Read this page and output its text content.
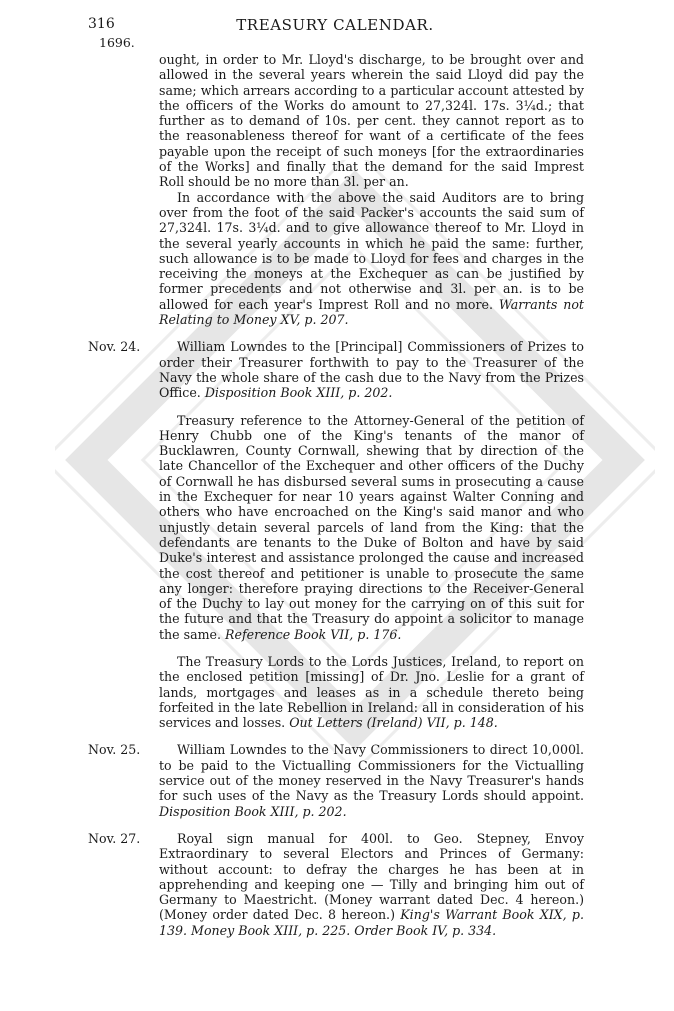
316	TREASURY CALENDAR.
1696.

ought, in order to Mr. Lloyd's discharge, to be brought over and allowed in the several years wherein the said Lloyd did pay the same; which arrears according to a particular account attested by the officers of the Works do amount to 27,324l. 17s. 3¼d.; that further as to demand of 10s. per cent. they cannot report as to the reasonableness thereof for want of a certificate of the fees payable upon the receipt of such moneys [for the extraordinaries of the Works] and finally that the demand for the said Imprest Roll should be no more than 3l. per an.

In accordance with the above the said Auditors are to bring over from the foot of the said Packer's accounts the said sum of 27,324l. 17s. 3¼d. and to give allowance thereof to Mr. Lloyd in the several yearly accounts in which he paid the same: further, such allowance is to be made to Lloyd for fees and charges in the receiving the moneys at the Exchequer as can be justified by former precedents and not otherwise and 3l. per an. is to be allowed for each year's Imprest Roll and no more. Warrants not Relating to Money XV, p. 207.

Nov. 24.	William Lowndes to the [Principal] Commissioners of Prizes to order their Treasurer forthwith to pay to the Treasurer of the Navy the whole share of the cash due to the Navy from the Prizes Office. Disposition Book XIII, p. 202.

Treasury reference to the Attorney-General of the petition of Henry Chubb one of the King's tenants of the manor of Bucklawren, County Cornwall, shewing that by direction of the late Chancellor of the Exchequer and other officers of the Duchy of Cornwall he has disbursed several sums in prosecuting a cause in the Exchequer for near 10 years against Walter Conning and others who have encroached on the King's said manor and who unjustly detain several parcels of land from the King: that the defendants are tenants to the Duke of Bolton and have by said Duke's interest and assistance prolonged the cause and increased the cost thereof and petitioner is unable to prosecute the same any longer: therefore praying directions to the Receiver-General of the Duchy to lay out money for the carrying on of this suit for the future and that the Treasury do appoint a solicitor to manage the same. Reference Book VII, p. 176.

The Treasury Lords to the Lords Justices, Ireland, to report on the enclosed petition [missing] of Dr. Jno. Leslie for a grant of lands, mortgages and leases as in a schedule thereto being forfeited in the late Rebellion in Ireland: all in consideration of his services and losses. Out Letters (Ireland) VII, p. 148.

Nov. 25.	William Lowndes to the Navy Commissioners to direct 10,000l. to be paid to the Victualling Commissioners for the Victualling service out of the money reserved in the Navy Treasurer's hands for such uses of the Navy as the Treasury Lords should appoint. Disposition Book XIII, p. 202.

Nov. 27.	Royal sign manual for 400l. to Geo. Stepney, Envoy Extraordinary to several Electors and Princes of Germany: without account: to defray the charges he has been at in apprehending and keeping one — Tilly and bringing him out of Germany to Maestricht. (Money warrant dated Dec. 4 hereon.) (Money order dated Dec. 8 hereon.) King's Warrant Book XIX, p. 139. Money Book XIII, p. 225. Order Book IV, p. 334.
